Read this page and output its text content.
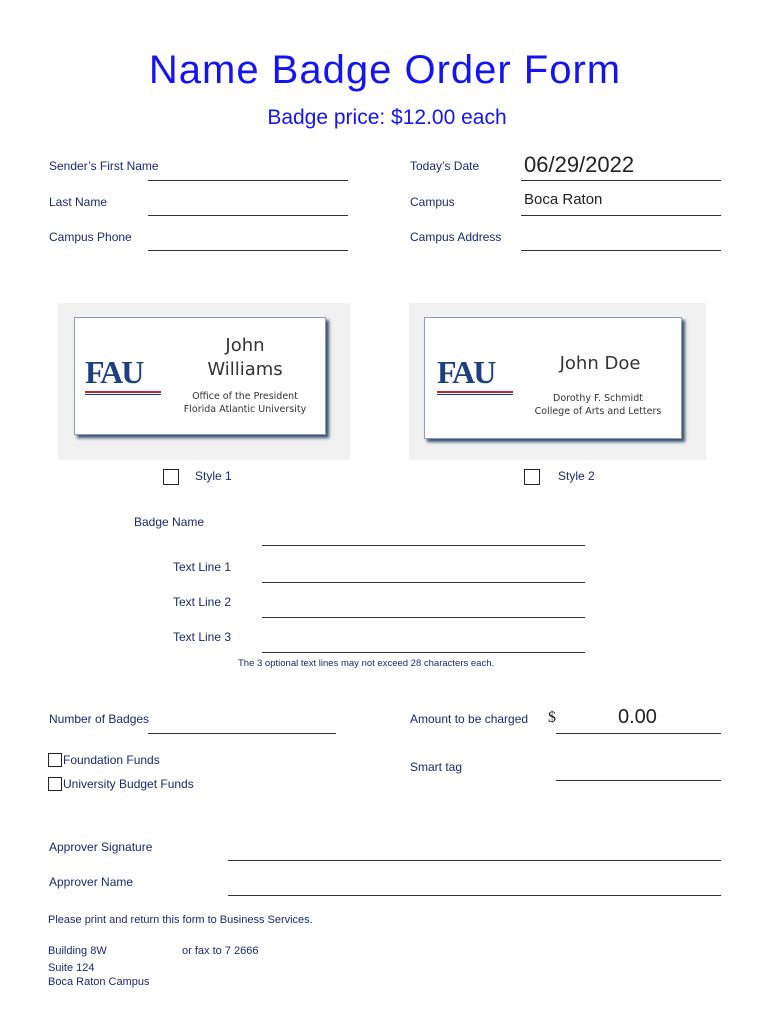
Name Badge Order Form
Badge price: $12.00 each
Sender’s First Name
Last Name
Campus Phone
Today’s Date 06/29/2022
Campus	Boca Raton
Campus Address
FAU
John
Williams
Office of the President
Florida Atlantic University
FAU	John Doe
Dorothy F. Schmidt
College of Arts and Letters
Style 1	Style 2
Badge Name
Text Line 1
Text Line 2
Text Line 3
The 3 optional text lines may not exceed 28 characters each.
Number of Badges	Amount to be charged $	0.00
Foundation Funds
University Budget Funds
Smart tag
Approver Signature
Approver Name
Please print and return this form to Business Services.
Building 8W	or fax to 7 2666
Suite 124
Boca Raton Campus
